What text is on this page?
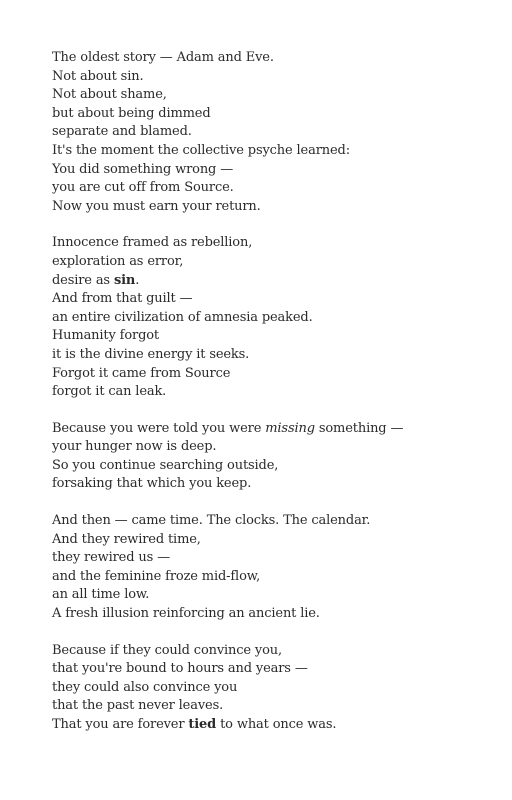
The oldest story — Adam and Eve.
Not about sin.
Not about shame,
but about being dimmed
separate and blamed.
It's the moment the collective psyche learned:
You did something wrong —
you are cut off from Source.
Now you must earn your return.
Innocence framed as rebellion,
exploration as error,
desire as sin.
And from that guilt —
an entire civilization of amnesia peaked.
Humanity forgot
it is the divine energy it seeks.
Forgot it came from Source
forgot it can leak.
Because you were told you were missing something —
your hunger now is deep.
So you continue searching outside,
forsaking that which you keep.
And then — came time. The clocks. The calendar.
And they rewired time,
they rewired us —
and the feminine froze mid-flow,
an all time low.
A fresh illusion reinforcing an ancient lie.
Because if they could convince you,
that you're bound to hours and years —
they could also convince you
that the past never leaves.
That you are forever tied to what once was.
